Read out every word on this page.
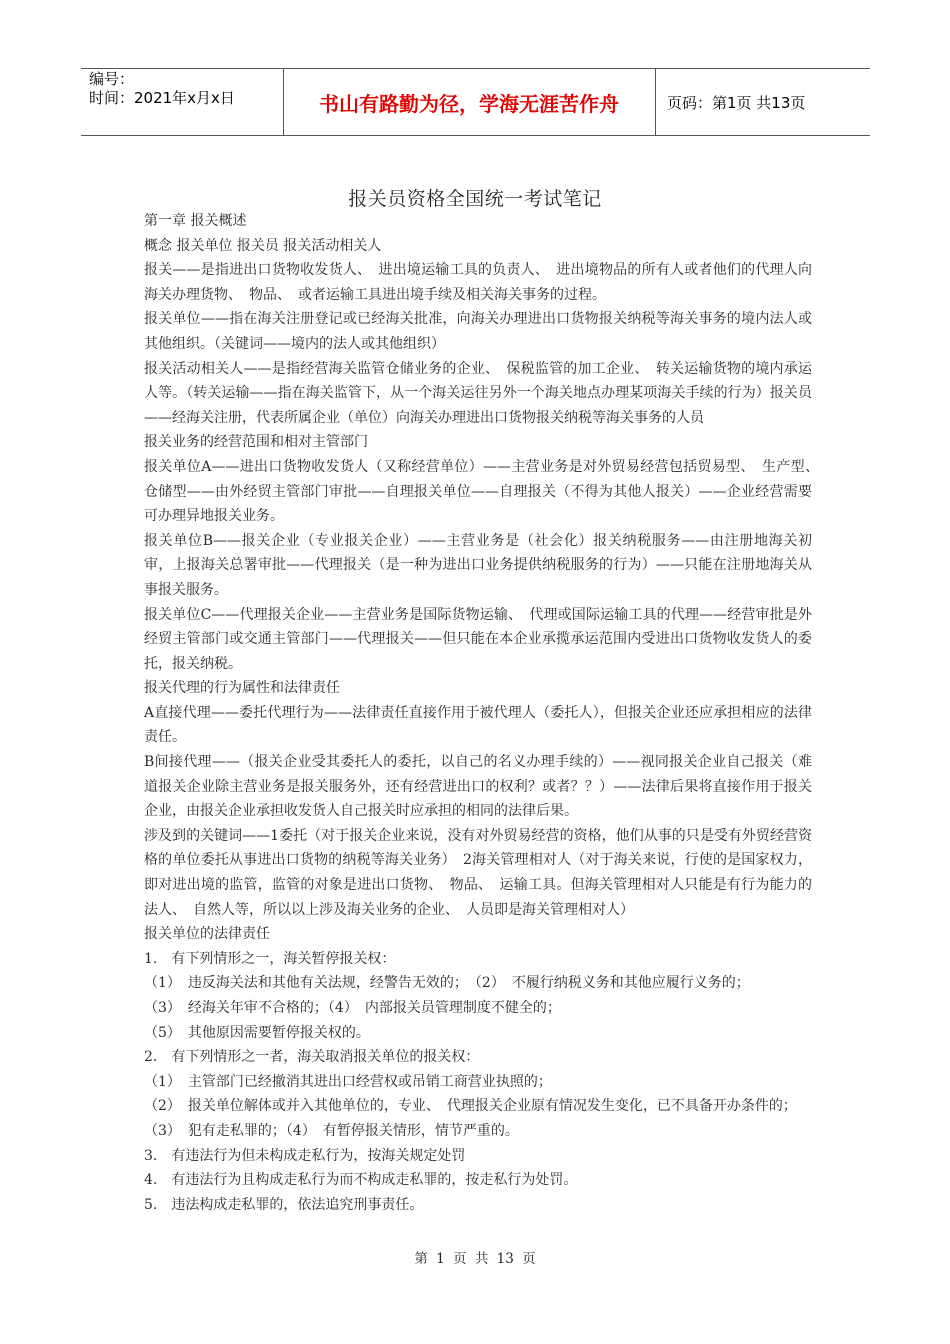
编号：
时间：2021年x月x日	书山有路勤为径，学海无涯苦作舟	页码：第1页 共13页
报关员资格全国统一考试笔记

第一章 报关概述

概念 报关单位 报关员 报关活动相关人

报关——是指进出口货物收发货人、　进出境运输工具的负责人、　进出境物品的所有人或者他们的代理人向海关办理货物、　物品、　或者运输工具进出境手续及相关海关事务的过程。

报关单位——指在海关注册登记或已经海关批准，向海关办理进出口货物报关纳税等海关事务的境内法人或其他组织。（关键词——境内的法人或其他组织）

报关活动相关人——是指经营海关监管仓储业务的企业、　保税监管的加工企业、　转关运输货物的境内承运人等。（转关运输——指在海关监管下，从一个海关运往另外一个海关地点办理某项海关手续的行为）报关员——经海关注册，代表所属企业（单位）向海关办理进出口货物报关纳税等海关事务的人员

报关业务的经营范围和相对主管部门

报关单位A——进出口货物收发货人（又称经营单位）——主营业务是对外贸易经营包括贸易型、　生产型、　仓储型——由外经贸主管部门审批——自理报关单位——自理报关（不得为其他人报关）——企业经营需要可办理异地报关业务。

报关单位B——报关企业（专业报关企业）——主营业务是（社会化）报关纳税服务——由注册地海关初审，上报海关总署审批——代理报关（是一种为进出口业务提供纳税服务的行为）——只能在注册地海关从事报关服务。

报关单位C——代理报关企业——主营业务是国际货物运输、　代理或国际运输工具的代理——经营审批是外经贸主管部门或交通主管部门——代理报关——但只能在本企业承揽承运范围内受进出口货物收发货人的委托，报关纳税。

报关代理的行为属性和法律责任

A直接代理——委托代理行为——法律责任直接作用于被代理人（委托人），但报关企业还应承担相应的法律责任。

B间接代理——（报关企业受其委托人的委托，以自己的名义办理手续的）——视同报关企业自己报关（难道报关企业除主营业务是报关服务外，还有经营进出口的权利？或者？？）——法律后果将直接作用于报关企业，由报关企业承担收发货人自己报关时应承担的相同的法律后果。

涉及到的关键词——1委托（对于报关企业来说，没有对外贸易经营的资格，他们从事的只是受有外贸经营资格的单位委托从事进出口货物的纳税等海关业务）　2海关管理相对人（对于海关来说，行使的是国家权力，即对进出境的监管，监管的对象是进出口货物、　物品、　运输工具。但海关管理相对人只能是有行为能力的法人、　自然人等，所以以上涉及海关业务的企业、　人员即是海关管理相对人）

报关单位的法律责任

1.　有下列情形之一，海关暂停报关权：

（1）　违反海关法和其他有关法规，经警告无效的；　（2）　不履行纳税义务和其他应履行义务的；

（3）　经海关年审不合格的；（4）　内部报关员管理制度不健全的；

（5）　其他原因需要暂停报关权的。

2.　有下列情形之一者，海关取消报关单位的报关权：

（1）　主管部门已经撤消其进出口经营权或吊销工商营业执照的；

（2）　报关单位解体或并入其他单位的，专业、　代理报关企业原有情况发生变化，已不具备开办条件的；

（3）　犯有走私罪的；（4）　有暂停报关情形，情节严重的。

3.　有违法行为但未构成走私行为，按海关规定处罚

4.　有违法行为且构成走私行为而不构成走私罪的，按走私行为处罚。

5.　违法构成走私罪的，依法追究刑事责任。

第 1 页 共 13 页
